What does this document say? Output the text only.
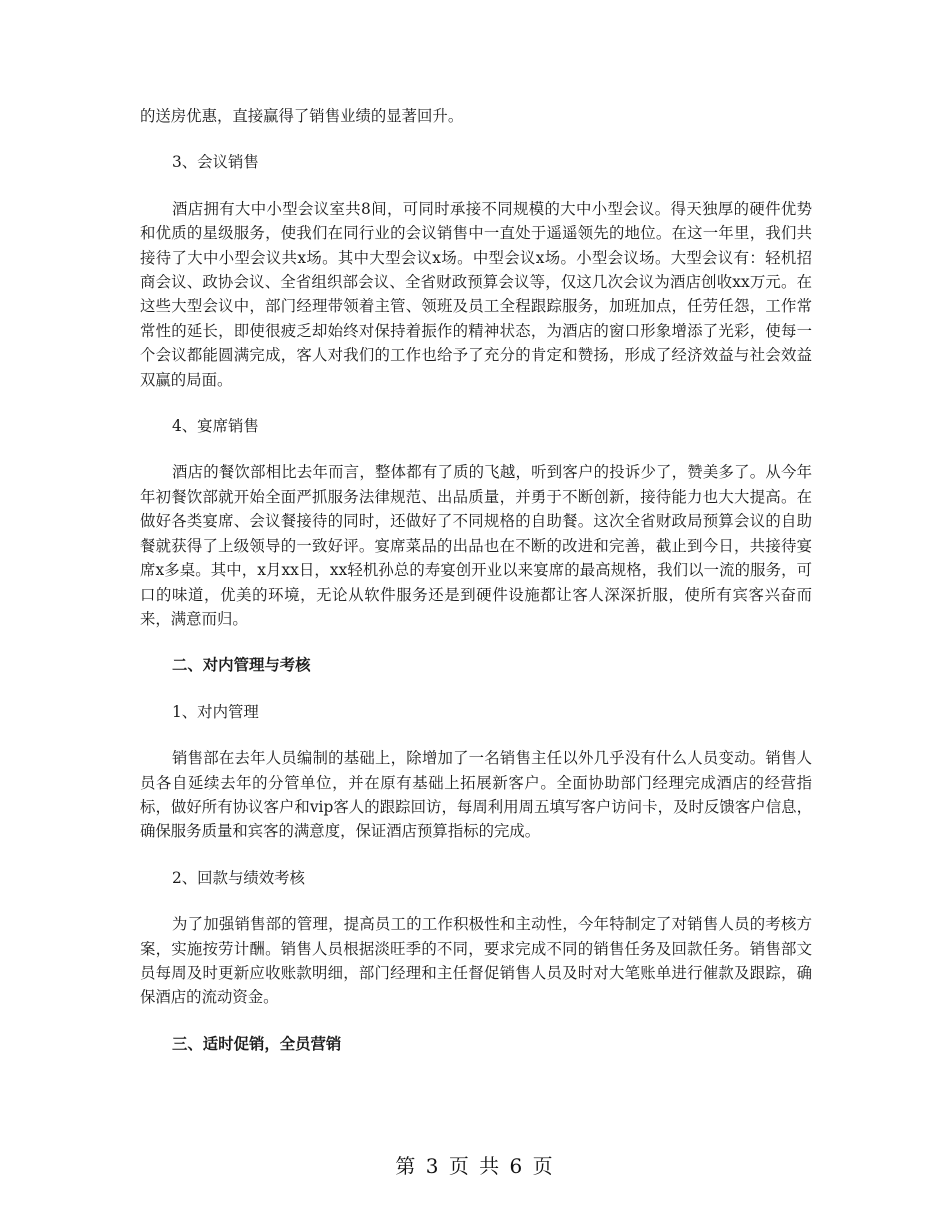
的送房优惠，直接赢得了销售业绩的显著回升。

3、会议销售

酒店拥有大中小型会议室共8间，可同时承接不同规模的大中小型会议。得天独厚的硬件优势和优质的星级服务，使我们在同行业的会议销售中一直处于遥遥领先的地位。在这一年里，我们共接待了大中小型会议共x场。其中大型会议x场。中型会议x场。小型会议场。大型会议有：轻机招商会议、政协会议、全省组织部会议、全省财政预算会议等，仅这几次会议为酒店创收xx万元。在这些大型会议中，部门经理带领着主管、领班及员工全程跟踪服务，加班加点，任劳任怨，工作常常性的延长，即使很疲乏却始终对保持着振作的精神状态，为酒店的窗口形象增添了光彩，使每一个会议都能圆满完成，客人对我们的工作也给予了充分的肯定和赞扬，形成了经济效益与社会效益双赢的局面。

4、宴席销售

酒店的餐饮部相比去年而言，整体都有了质的飞越，听到客户的投诉少了，赞美多了。从今年年初餐饮部就开始全面严抓服务法律规范、出品质量，并勇于不断创新，接待能力也大大提高。在做好各类宴席、会议餐接待的同时，还做好了不同规格的自助餐。这次全省财政局预算会议的自助餐就获得了上级领导的一致好评。宴席菜品的出品也在不断的改进和完善，截止到今日，共接待宴席x多桌。其中，x月xx日，xx轻机孙总的寿宴创开业以来宴席的最高规格，我们以一流的服务，可口的味道，优美的环境，无论从软件服务还是到硬件设施都让客人深深折服，使所有宾客兴奋而来，满意而归。

二、对内管理与考核

1、对内管理

销售部在去年人员编制的基础上，除增加了一名销售主任以外几乎没有什么人员变动。销售人员各自延续去年的分管单位，并在原有基础上拓展新客户。全面协助部门经理完成酒店的经营指标，做好所有协议客户和vip客人的跟踪回访，每周利用周五填写客户访问卡，及时反馈客户信息，确保服务质量和宾客的满意度，保证酒店预算指标的完成。

2、回款与绩效考核

为了加强销售部的管理，提高员工的工作积极性和主动性，今年特制定了对销售人员的考核方案，实施按劳计酬。销售人员根据淡旺季的不同，要求完成不同的销售任务及回款任务。销售部文员每周及时更新应收账款明细，部门经理和主任督促销售人员及时对大笔账单进行催款及跟踪，确保酒店的流动资金。

三、适时促销，全员营销

第 3 页 共 6 页
